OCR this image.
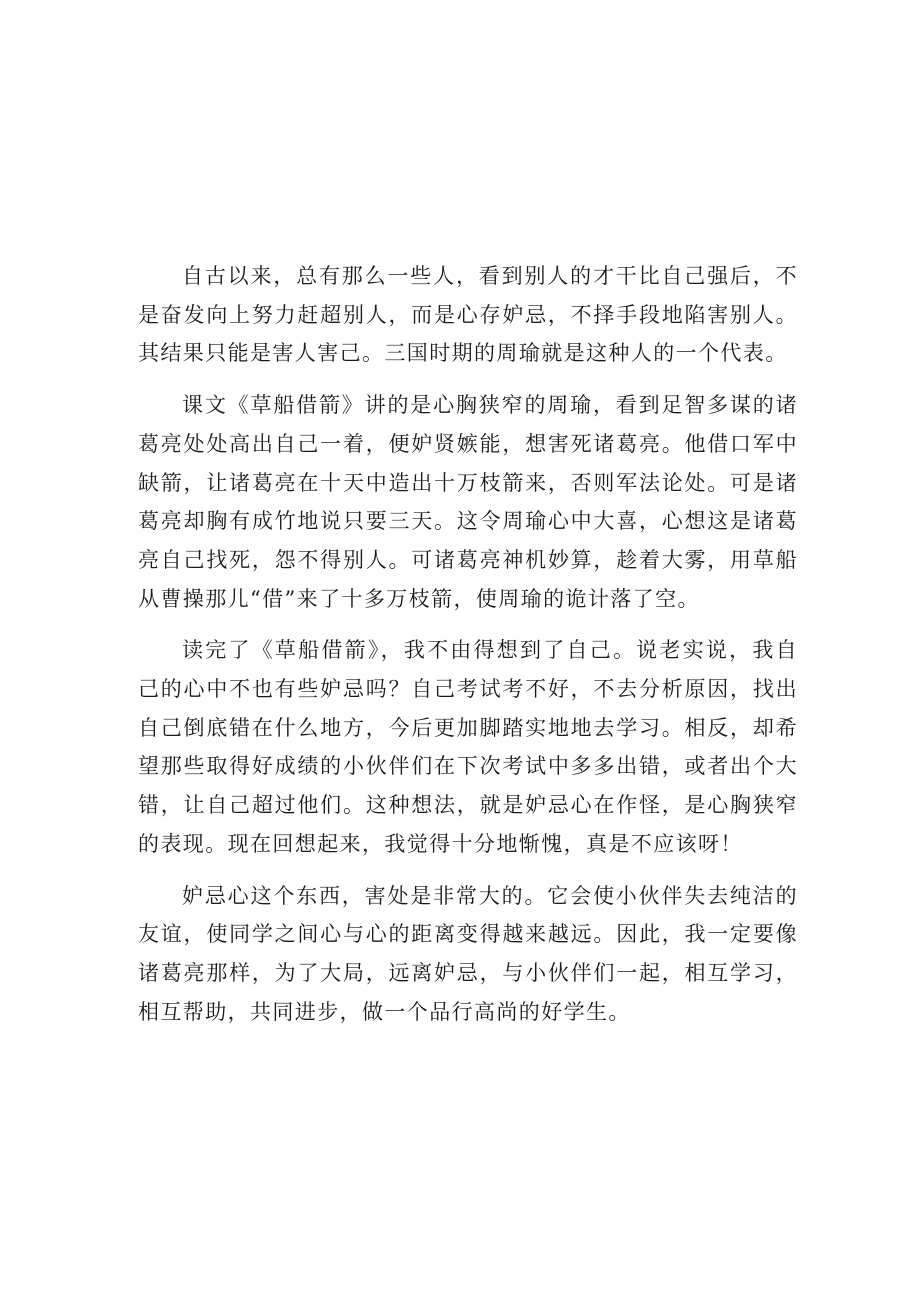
自古以来，总有那么一些人，看到别人的才干比自己强后，不是奋发向上努力赶超别人，而是心存妒忌，不择手段地陷害别人。其结果只能是害人害己。三国时期的周瑜就是这种人的一个代表。

课文《草船借箭》讲的是心胸狭窄的周瑜，看到足智多谋的诸葛亮处处高出自己一着，便妒贤嫉能，想害死诸葛亮。他借口军中缺箭，让诸葛亮在十天中造出十万枝箭来，否则军法论处。可是诸葛亮却胸有成竹地说只要三天。这令周瑜心中大喜，心想这是诸葛亮自己找死，怨不得别人。可诸葛亮神机妙算，趁着大雾，用草船从曹操那儿“借”来了十多万枝箭，使周瑜的诡计落了空。

读完了《草船借箭》，我不由得想到了自己。说老实说，我自己的心中不也有些妒忌吗？自己考试考不好，不去分析原因，找出自己倒底错在什么地方，今后更加脚踏实地地去学习。相反，却希望那些取得好成绩的小伙伴们在下次考试中多多出错，或者出个大错，让自己超过他们。这种想法，就是妒忌心在作怪，是心胸狭窄的表现。现在回想起来，我觉得十分地惭愧，真是不应该呀！

妒忌心这个东西，害处是非常大的。它会使小伙伴失去纯洁的友谊，使同学之间心与心的距离变得越来越远。因此，我一定要像诸葛亮那样，为了大局，远离妒忌，与小伙伴们一起，相互学习，相互帮助，共同进步，做一个品行高尚的好学生。
